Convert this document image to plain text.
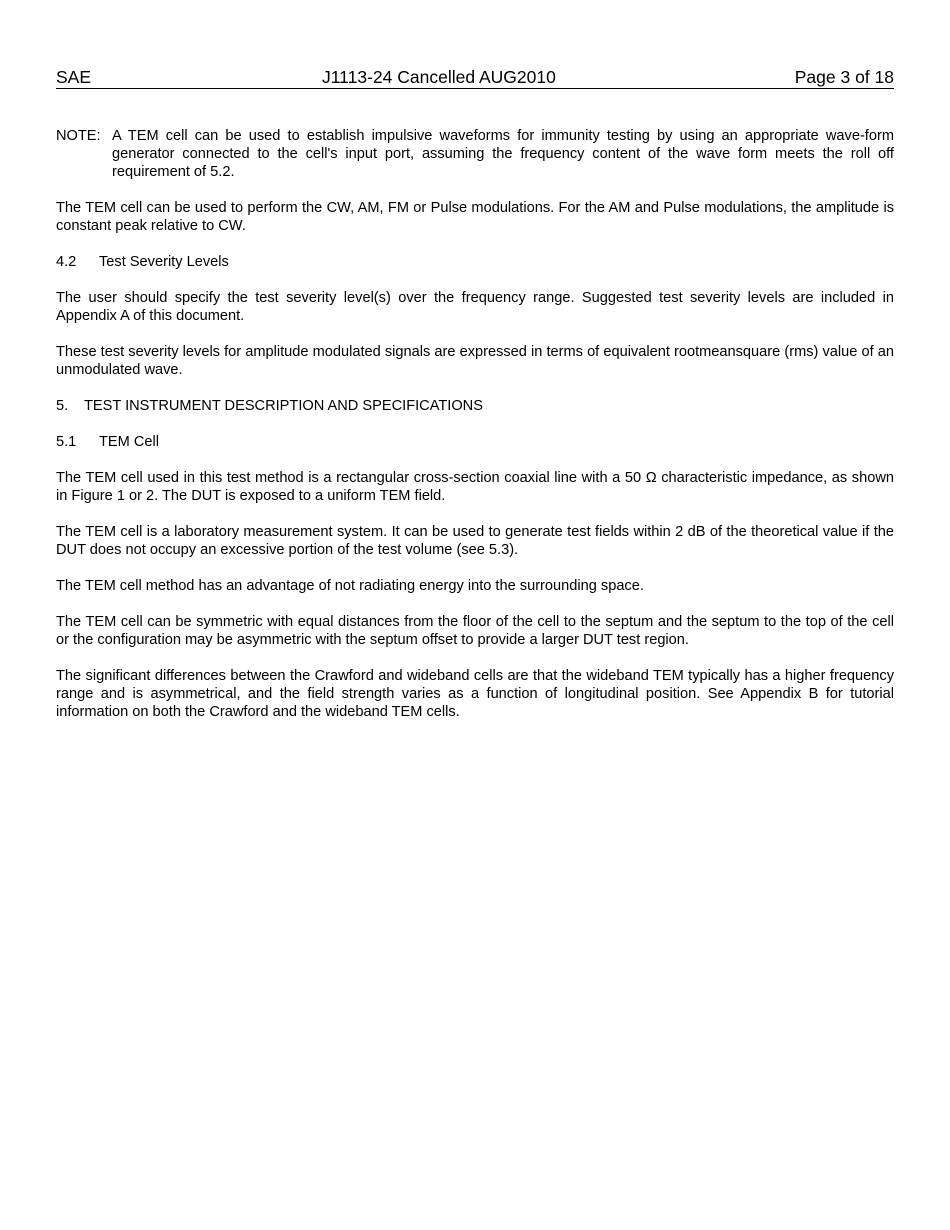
SAE	J1113-24 Cancelled AUG2010	Page 3 of 18
NOTE: A TEM cell can be used to establish impulsive waveforms for immunity testing by using an appropriate wave-form generator connected to the cell's input port, assuming the frequency content of the wave form meets the roll off requirement of 5.2.

The TEM cell can be used to perform the CW, AM, FM or Pulse modulations. For the AM and Pulse modulations, the amplitude is constant peak relative to CW.

4.2 Test Severity Levels

The user should specify the test severity level(s) over the frequency range. Suggested test severity levels are included in Appendix A of this document.

These test severity levels for amplitude modulated signals are expressed in terms of equivalent rootmeansquare (rms) value of an unmodulated wave.

5. TEST INSTRUMENT DESCRIPTION AND SPECIFICATIONS
5.1 TEM Cell

The TEM cell used in this test method is a rectangular cross-section coaxial line with a 50 Ω characteristic impedance, as shown in Figure 1 or 2. The DUT is exposed to a uniform TEM field.

The TEM cell is a laboratory measurement system. It can be used to generate test fields within 2 dB of the theoretical value if the DUT does not occupy an excessive portion of the test volume (see 5.3).

The TEM cell method has an advantage of not radiating energy into the surrounding space.

The TEM cell can be symmetric with equal distances from the floor of the cell to the septum and the septum to the top of the cell or the configuration may be asymmetric with the septum offset to provide a larger DUT test region.

The significant differences between the Crawford and wideband cells are that the wideband TEM typically has a higher frequency range and is asymmetrical, and the field strength varies as a function of longitudinal position. See Appendix B for tutorial information on both the Crawford and the wideband TEM cells.
